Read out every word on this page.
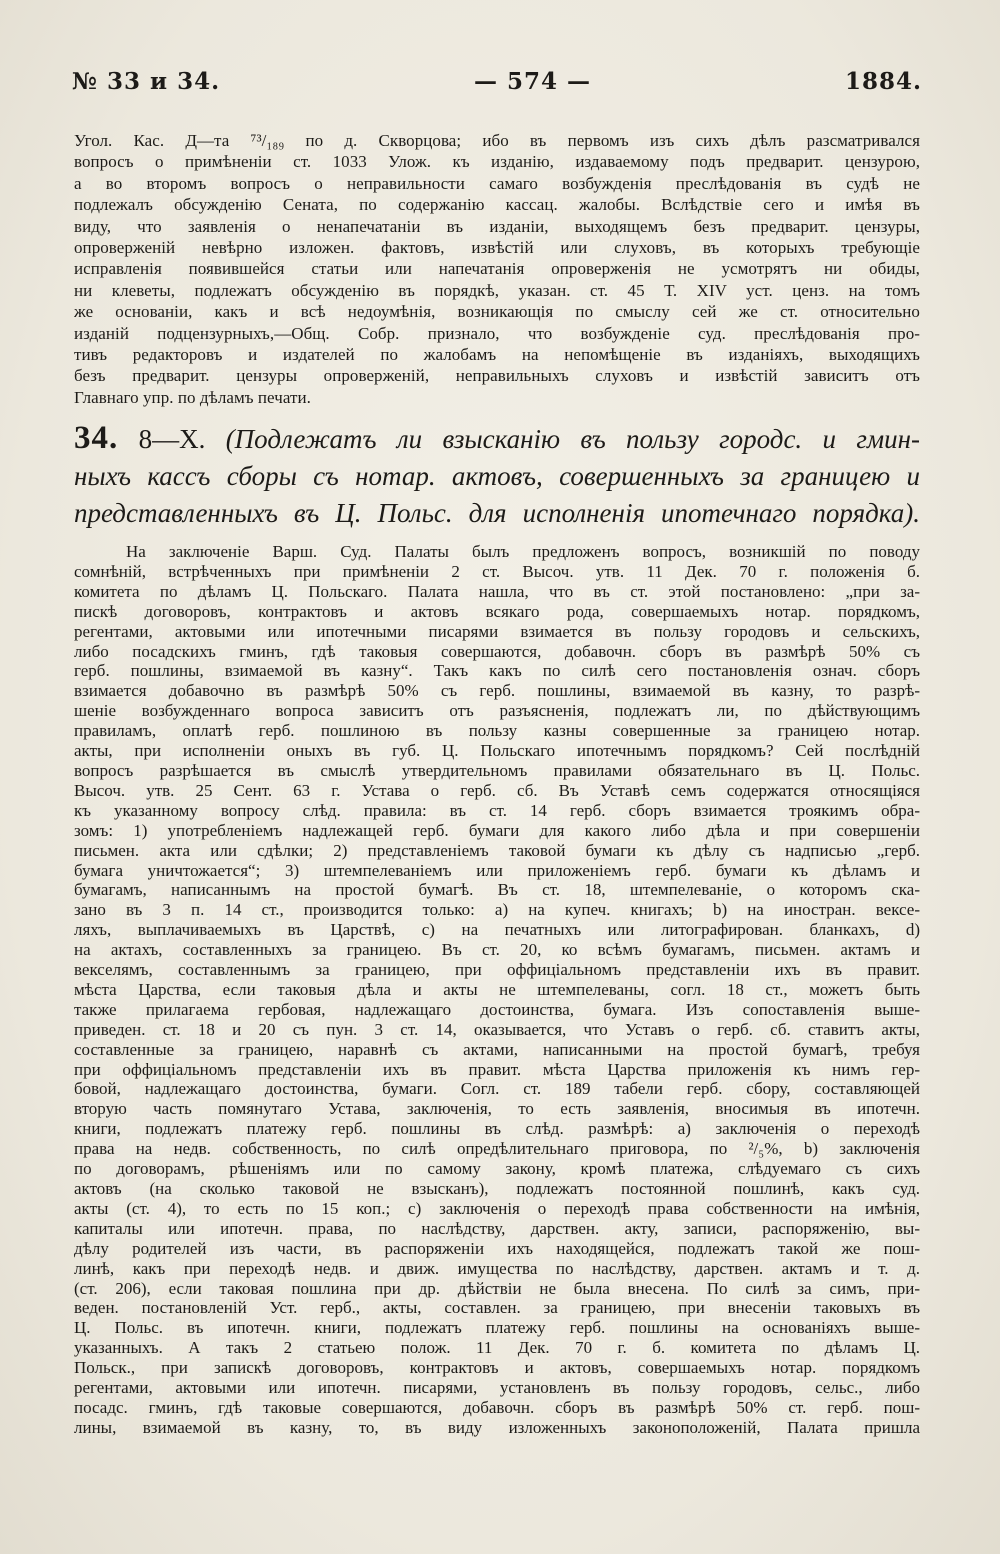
№ 33 и 34.	— 574 —	1884.
Угол. Кас. Д—та ⁷³/₁₈₉ по д. Скворцова; ибо въ первомъ изъ сихъ дѣлъ разсматривался
вопросъ о примѣненіи ст. 1033 Улож. къ изданію, издаваемому подъ предварит. цензурою,
а во второмъ вопросъ о неправильности самаго возбужденія преслѣдованія въ судѣ не
подлежалъ обсужденію Сената, по содержанію кассац. жалобы. Вслѣдствіе сего и имѣя въ
виду, что заявленія о ненапечатаніи въ изданіи, выходящемъ безъ предварит. цензуры,
опроверженій невѣрно изложен. фактовъ, извѣстій или слуховъ, въ которыхъ требующіе
исправленія появившейся статьи или напечатанія опроверженія не усмотрятъ ни обиды,
ни клеветы, подлежатъ обсужденію въ порядкѣ, указан. ст. 45 Т. XIV уст. ценз. на томъ
же основаніи, какъ и всѣ недоумѣнія, возникающія по смыслу сей же ст. относительно
изданій подцензурныхъ,—Общ. Собр. признало, что возбужденіе суд. преслѣдованія про-
тивъ редакторовъ и издателей по жалобамъ на непомѣщеніе въ изданіяхъ, выходящихъ
безъ предварит. цензуры опроверженій, неправильныхъ слуховъ и извѣстій зависитъ отъ
Главнаго упр. по дѣламъ печати.
34. 8—X. (Подлежатъ ли взысканію въ пользу городс. и гмин-
ныхъ кассъ сборы съ нотар. актовъ, совершенныхъ за границею и
представленныхъ въ Ц. Польс. для исполненія ипотечнаго порядка).
На заключеніе Варш. Суд. Палаты былъ предложенъ вопросъ, возникшій по поводу
сомнѣній, встрѣченныхъ при примѣненіи 2 ст. Высоч. утв. 11 Дек. 70 г. положенія б.
комитета по дѣламъ Ц. Польскаго. Палата нашла, что въ ст. этой постановлено: „при за-
пискѣ договоровъ, контрактовъ и актовъ всякаго рода, совершаемыхъ нотар. порядкомъ,
регентами, актовыми или ипотечными писарями взимается въ пользу городовъ и сельскихъ,
либо посадскихъ гминъ, гдѣ таковыя совершаются, добавочн. сборъ въ размѣрѣ 50% съ
герб. пошлины, взимаемой въ казну“. Такъ какъ по силѣ сего постановленія означ. сборъ
взимается добавочно въ размѣрѣ 50% съ герб. пошлины, взимаемой въ казну, то разрѣ-
шеніе возбужденнаго вопроса зависитъ отъ разъясненія, подлежатъ ли, по дѣйствующимъ
правиламъ, оплатѣ герб. пошлиною въ пользу казны совершенные за границею нотар.
акты, при исполненіи оныхъ въ губ. Ц. Польскаго ипотечнымъ порядкомъ? Сей послѣдній
вопросъ разрѣшается въ смыслѣ утвердительномъ правилами обязательнаго въ Ц. Польс.
Высоч. утв. 25 Сент. 63 г. Устава о герб. сб. Въ Уставѣ семъ содержатся относящіяся
къ указанному вопросу слѣд. правила: въ ст. 14 герб. сборъ взимается троякимъ обра-
зомъ: 1) употребленіемъ надлежащей герб. бумаги для какого либо дѣла и при совершеніи
письмен. акта или сдѣлки; 2) представленіемъ таковой бумаги къ дѣлу съ надписью „герб.
бумага уничтожается“; 3) штемпелеваніемъ или приложеніемъ герб. бумаги къ дѣламъ и
бумагамъ, написаннымъ на простой бумагѣ. Въ ст. 18, штемпелеваніе, о которомъ ска-
зано въ 3 п. 14 ст., производится только: a) на купеч. книгахъ; b) на иностран. вексе-
ляхъ, выплачиваемыхъ въ Царствѣ, c) на печатныхъ или литографирован. бланкахъ, d)
на актахъ, составленныхъ за границею. Въ ст. 20, ко всѣмъ бумагамъ, письмен. актамъ и
векселямъ, составленнымъ за границею, при оффиціальномъ представленіи ихъ въ правит.
мѣста Царства, если таковыя дѣла и акты не штемпелеваны, согл. 18 ст., можетъ быть
также прилагаема гербовая, надлежащаго достоинства, бумага. Изъ сопоставленія выше-
приведен. ст. 18 и 20 съ пун. 3 ст. 14, оказывается, что Уставъ о герб. сб. ставитъ акты,
составленные за границею, наравнѣ съ актами, написанными на простой бумагѣ, требуя
при оффиціальномъ представленіи ихъ въ правит. мѣста Царства приложенія къ нимъ гер-
бовой, надлежащаго достоинства, бумаги. Согл. ст. 189 табели герб. сбору, составляющей
вторую часть помянутаго Устава, заключенія, то есть заявленія, вносимыя въ ипотечн.
книги, подлежатъ платежу герб. пошлины въ слѣд. размѣрѣ: a) заключенія о переходѣ
права на недв. собственность, по силѣ опредѣлительнаго приговора, по ²/₅%, b) заключенія
по договорамъ, рѣшеніямъ или по самому закону, кромѣ платежа, слѣдуемаго съ сихъ
актовъ (на сколько таковой не взысканъ), подлежатъ постоянной пошлинѣ, какъ суд.
акты (ст. 4), то есть по 15 коп.; c) заключенія о переходѣ права собственности на имѣнія,
капиталы или ипотечн. права, по наслѣдству, дарствен. акту, записи, распоряженію, вы-
дѣлу родителей изъ части, въ распоряженіи ихъ находящейся, подлежатъ такой же пош-
линѣ, какъ при переходѣ недв. и движ. имущества по наслѣдству, дарствен. актамъ и т. д.
(ст. 206), если таковая пошлина при др. дѣйствіи не была внесена. По силѣ за симъ, при-
веден. постановленій Уст. герб., акты, составлен. за границею, при внесеніи таковыхъ въ
Ц. Польс. въ ипотечн. книги, подлежатъ платежу герб. пошлины на основаніяхъ выше-
указанныхъ. А такъ 2 статьею полож. 11 Дек. 70 г. б. комитета по дѣламъ Ц.
Польск., при запискѣ договоровъ, контрактовъ и актовъ, совершаемыхъ нотар. порядкомъ
регентами, актовыми или ипотечн. писарями, установленъ въ пользу городовъ, сельс., либо
посадс. гминъ, гдѣ таковые совершаются, добавочн. сборъ въ размѣрѣ 50% ст. герб. пош-
лины, взимаемой въ казну, то, въ виду изложенныхъ законоположеній, Палата пришла
